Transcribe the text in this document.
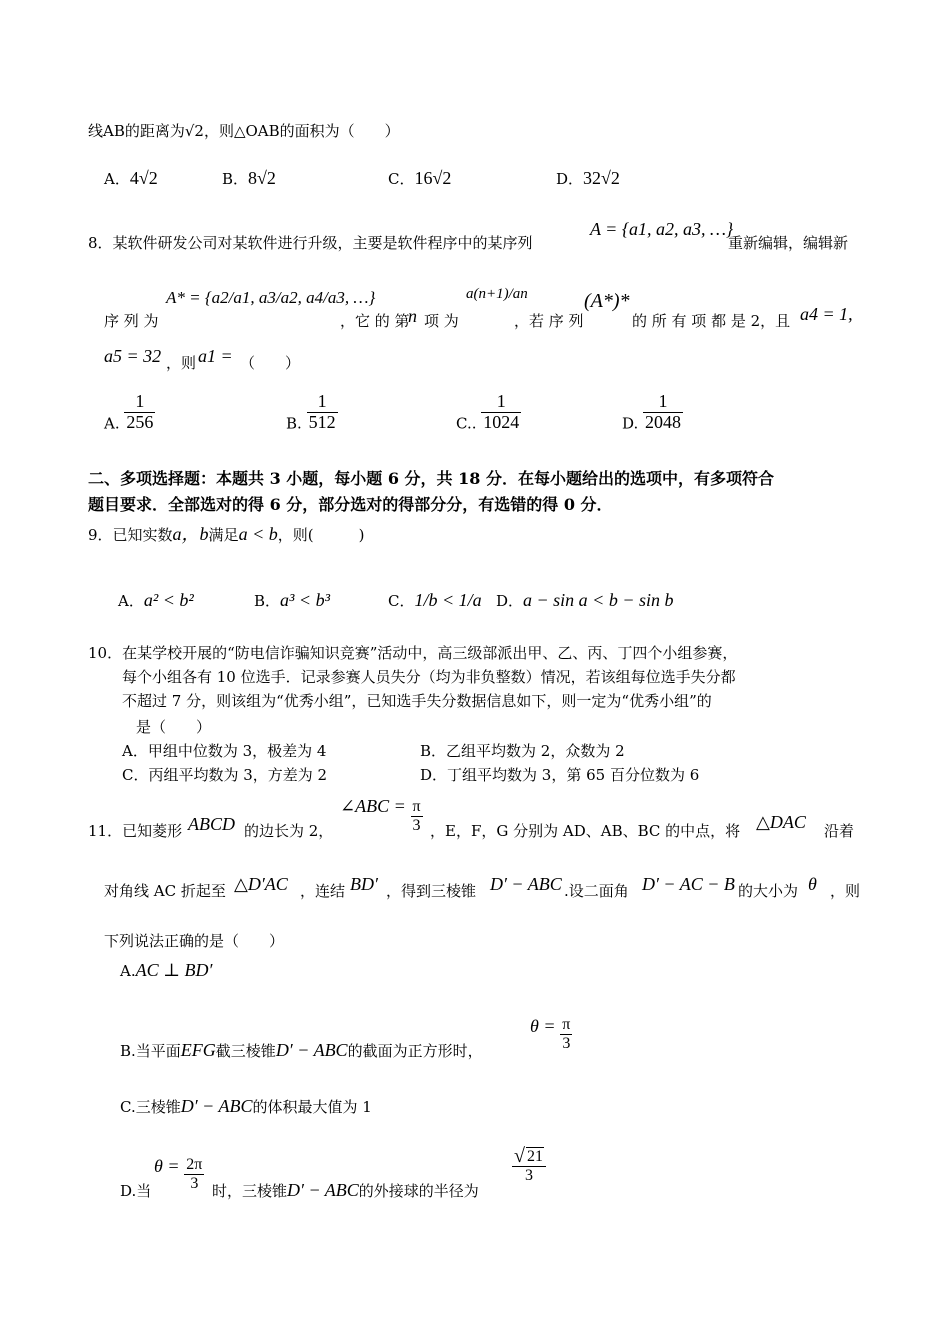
线AB的距离为√2，则△OAB的面积为（　　）
A．4√2	B．8√2	C．16√2	D．32√2
8．某软件研发公司对某软件进行升级，主要是软件程序中的某序列
A = {a1, a2, a3, …}
重新编辑，编辑新
序 列 为
A* = {a2/a1, a3/a2, a4/a3, …}
，它 的 第
n 项 为
a(n+1)/an
，若 序 列
(A*)*
的 所 有 项 都 是 2，且 a4 = 1,
a5 = 32 ，则 a1 = （　　）
A. $\frac{1}{256}$	B. $\frac{1}{512}$	C.. $\frac{1}{1024}$	D. $\frac{1}{2048}$
二、多项选择题：本题共 3 小题，每小题 6 分，共 18 分．在每小题给出的选项中，有多项符合
题目要求．全部选对的得 6 分，部分选对的得部分分，有选错的得 0 分．
9．已知实数a，b满足a < b，则(　　　)
A．a² < b²	B．a³ < b³	C．1/b < 1/a D．a − sin a < b − sin b
10．在某学校开展的“防电信诈骗知识竞赛”活动中，高三级部派出甲、乙、丙、丁四个小组参赛，
每个小组各有 10 位选手．记录参赛人员失分（均为非负整数）情况，若该组每位选手失分都
不超过 7 分，则该组为“优秀小组”，已知选手失分数据信息如下，则一定为“优秀小组”的
是（　　）
A．甲组中位数为 3，极差为 4	B．乙组平均数为 2，众数为 2
C．丙组平均数为 3，方差为 2	D．丁组平均数为 3，第 65 百分位数为 6
11．已知菱形 ABCD 的边长为 2，
∠ABC = $\frac{\pi}{3}$ ，E，F，G 分别为 AD、AB、BC 的中点，将 △DAC 沿着
对角线 AC 折起至 △D′AC ，连结 BD′ ，得到三棱锥 D′ − ABC .设二面角 D′ − AC − B 的大小为 θ ，则
下列说法正确的是（　　）
A.AC ⊥ BD′
B.当平面EFG截三棱锥D′ − ABC的截面为正方形时，
$\theta = \frac{\pi}{3}$
C.三棱锥D′ − ABC的体积最大值为 1
D.当
$\theta = \frac{2\pi}{3}$ 时，三棱锥D′ − ABC的外接球的半径为
√ $\frac{21}{3}$
